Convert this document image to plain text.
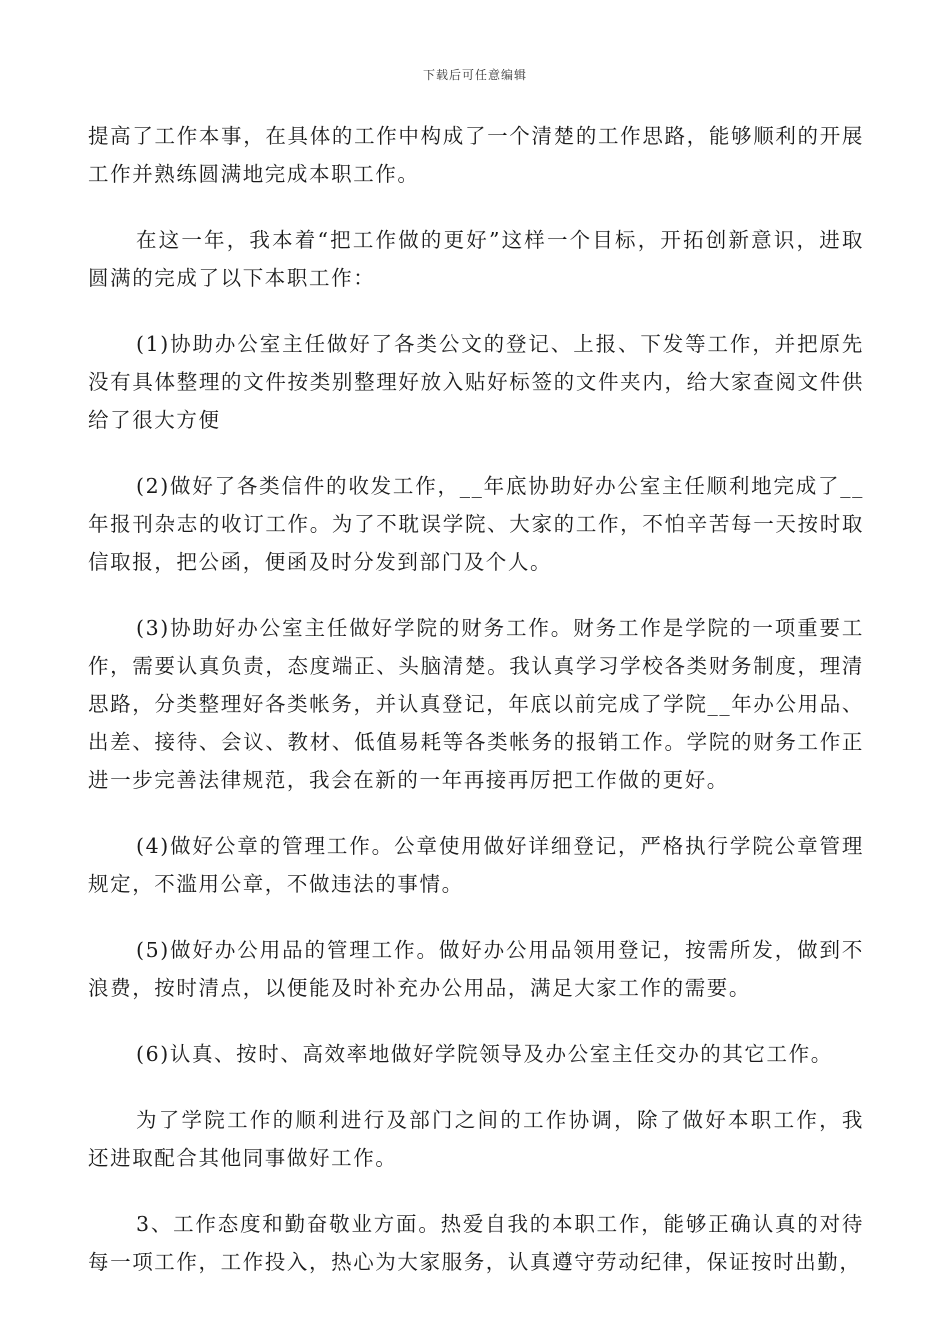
下载后可任意编辑

提高了工作本事，在具体的工作中构成了一个清楚的工作思路，能够顺利的开展工作并熟练圆满地完成本职工作。

在这一年，我本着“把工作做的更好”这样一个目标，开拓创新意识，进取圆满的完成了以下本职工作：

(1)协助办公室主任做好了各类公文的登记、上报、下发等工作，并把原先没有具体整理的文件按类别整理好放入贴好标签的文件夹内，给大家查阅文件供给了很大方便

(2)做好了各类信件的收发工作，__年底协助好办公室主任顺利地完成了__年报刊杂志的收订工作。为了不耽误学院、大家的工作，不怕辛苦每一天按时取信取报，把公函，便函及时分发到部门及个人。

(3)协助好办公室主任做好学院的财务工作。财务工作是学院的一项重要工作，需要认真负责，态度端正、头脑清楚。我认真学习学校各类财务制度，理清思路，分类整理好各类帐务，并认真登记，年底以前完成了学院__年办公用品、出差、接待、会议、教材、低值易耗等各类帐务的报销工作。学院的财务工作正进一步完善法律规范，我会在新的一年再接再厉把工作做的更好。

(4)做好公章的管理工作。公章使用做好详细登记，严格执行学院公章管理规定，不滥用公章，不做违法的事情。

(5)做好办公用品的管理工作。做好办公用品领用登记，按需所发，做到不浪费，按时清点，以便能及时补充办公用品，满足大家工作的需要。

(6)认真、按时、高效率地做好学院领导及办公室主任交办的其它工作。

为了学院工作的顺利进行及部门之间的工作协调，除了做好本职工作，我还进取配合其他同事做好工作。

3、工作态度和勤奋敬业方面。热爱自我的本职工作，能够正确认真的对待每一项工作，工作投入，热心为大家服务，认真遵守劳动纪律，保证按时出勤，
